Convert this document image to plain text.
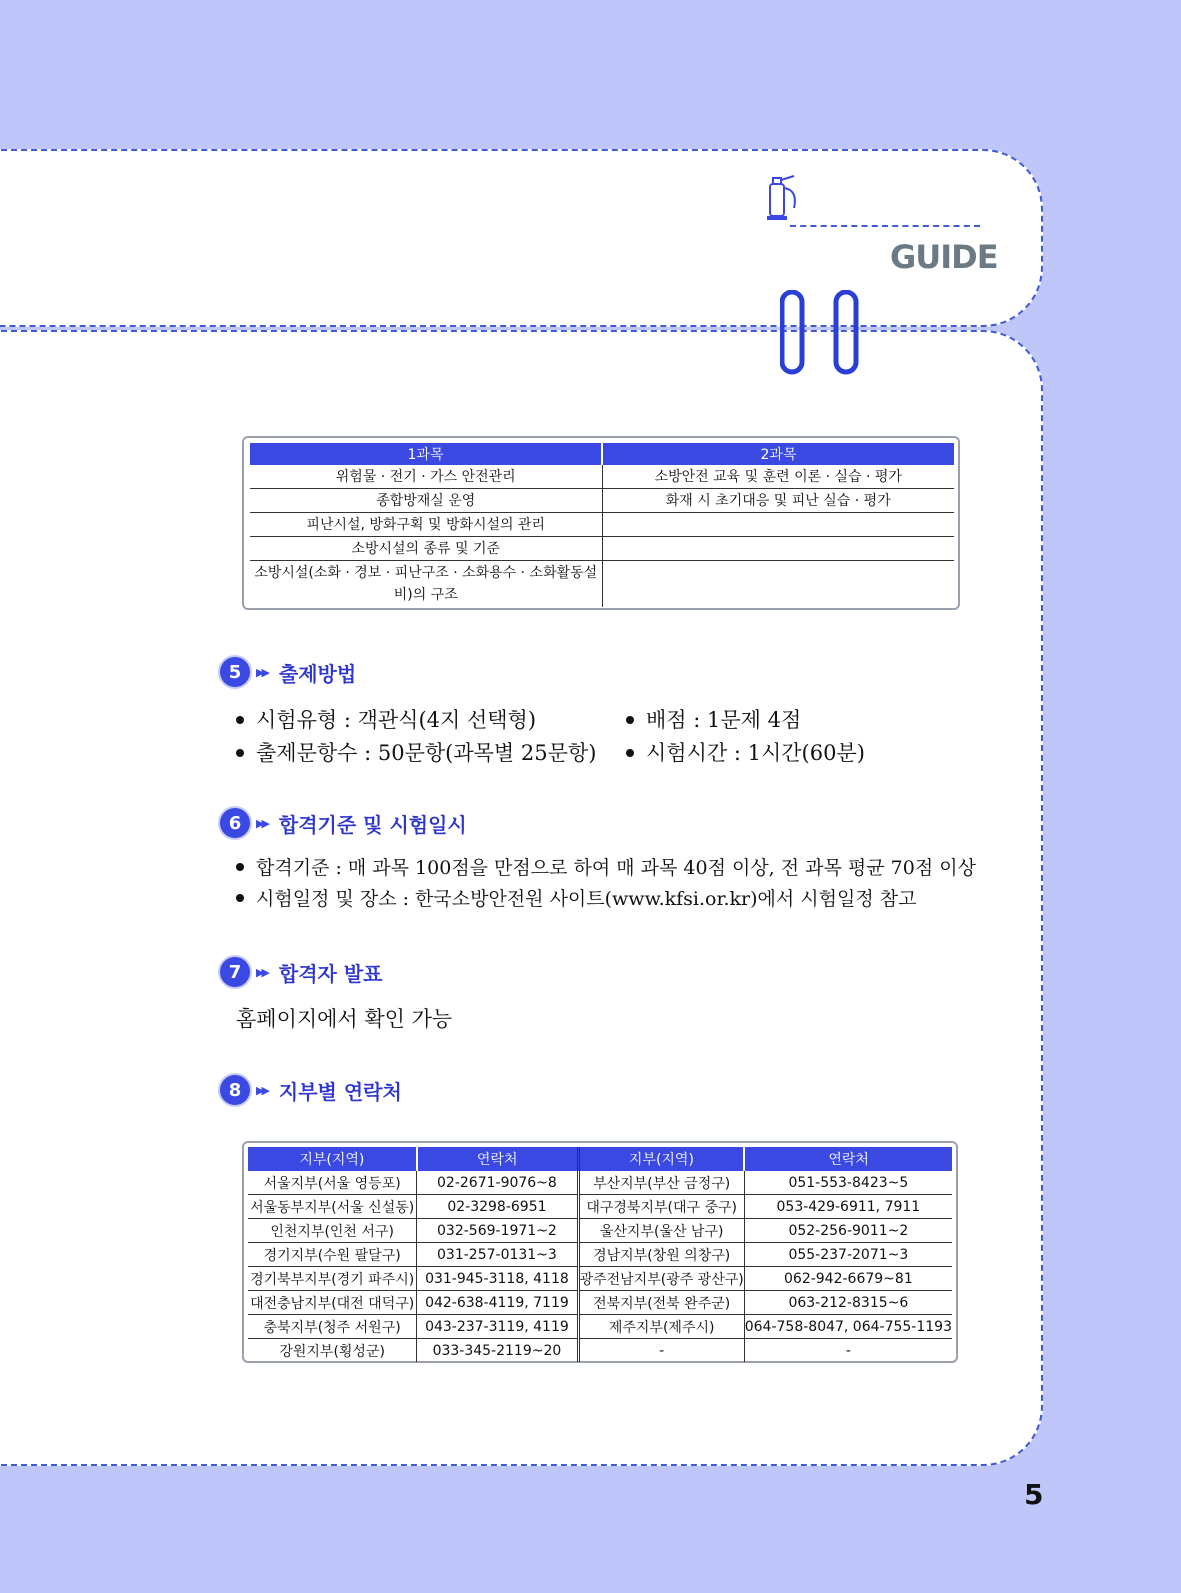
GUIDE
1과목	2과목
위험물 · 전기 · 가스 안전관리	소방안전 교육 및 훈련 이론 · 실습 · 평가
종합방재실 운영	화재 시 초기대응 및 피난 실습 · 평가
피난시설, 방화구획 및 방화시설의 관리	
소방시설의 종류 및 기준	
소방시설(소화 · 경보 · 피난구조 · 소화용수 · 소화활동설비)의 구조	
5	▶▶ 출제방법
시험유형 : 객관식(4지 선택형)	배점 : 1문제 4점
출제문항수 : 50문항(과목별 25문항)	시험시간 : 1시간(60분)
6	▶▶ 합격기준 및 시험일시
합격기준 : 매 과목 100점을 만점으로 하여 매 과목 40점 이상, 전 과목 평균 70점 이상
시험일정 및 장소 : 한국소방안전원 사이트(www.kfsi.or.kr)에서 시험일정 참고
7	▶▶ 합격자 발표
홈페이지에서 확인 가능
8	▶▶ 지부별 연락처
지부(지역)	연락처	지부(지역)	연락처
서울지부(서울 영등포)	02-2671-9076~8	부산지부(부산 금정구)	051-553-8423~5
서울동부지부(서울 신설동)	02-3298-6951	대구경북지부(대구 중구)	053-429-6911, 7911
인천지부(인천 서구)	032-569-1971~2	울산지부(울산 남구)	052-256-9011~2
경기지부(수원 팔달구)	031-257-0131~3	경남지부(창원 의창구)	055-237-2071~3
경기북부지부(경기 파주시)	031-945-3118, 4118	광주전남지부(광주 광산구)	062-942-6679~81
대전충남지부(대전 대덕구)	042-638-4119, 7119	전북지부(전북 완주군)	063-212-8315~6
충북지부(청주 서원구)	043-237-3119, 4119	제주지부(제주시)	064-758-8047, 064-755-1193
강원지부(횡성군)	033-345-2119~20	-	-
5
